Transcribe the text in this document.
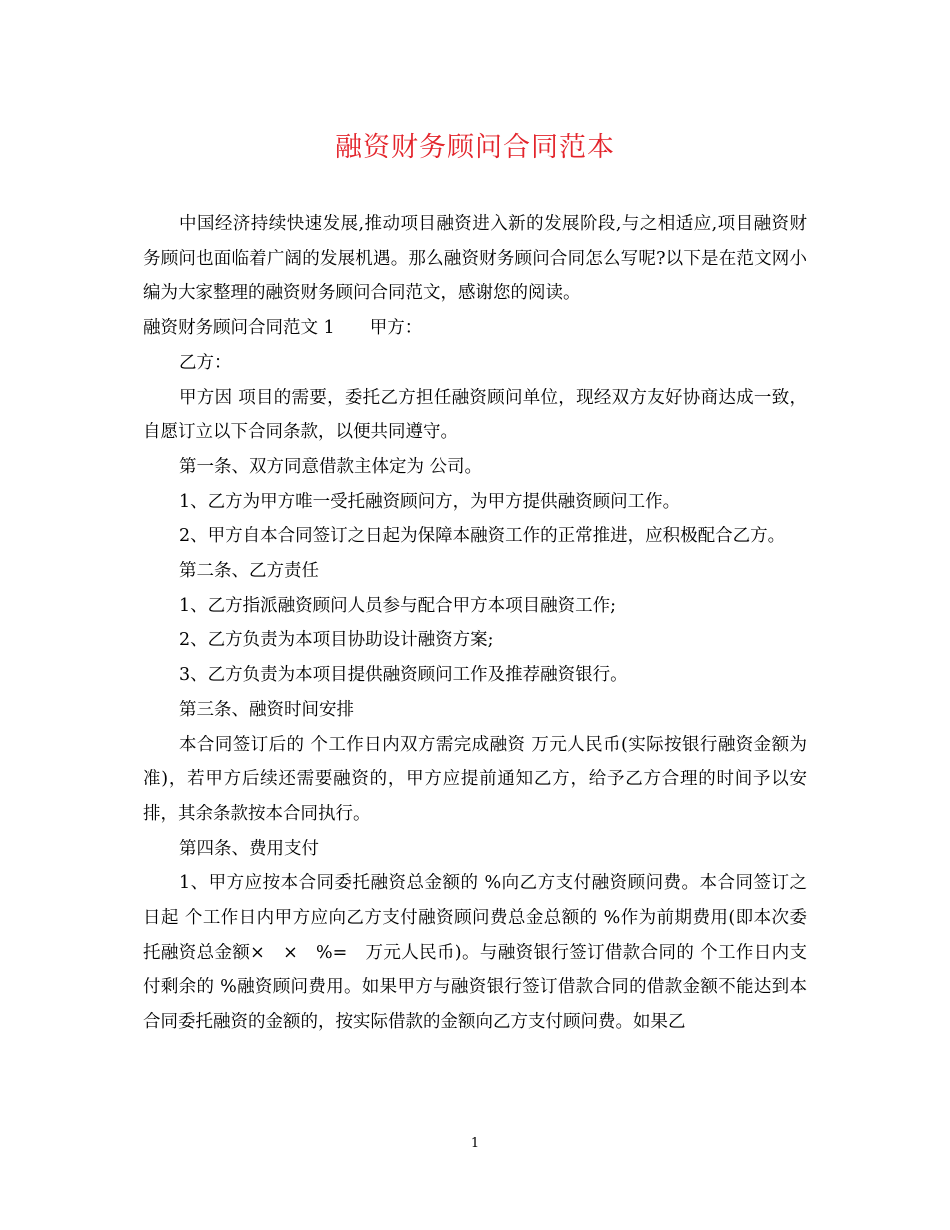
融资财务顾问合同范本

中国经济持续快速发展,推动项目融资进入新的发展阶段,与之相适应,项目融资财务顾问也面临着广阔的发展机遇。那么融资财务顾问合同怎么写呢?以下是在范文网小编为大家整理的融资财务顾问合同范文，感谢您的阅读。

融资财务顾问合同范文 1　　甲方：

乙方：

甲方因 项目的需要，委托乙方担任融资顾问单位，现经双方友好协商达成一致，自愿订立以下合同条款，以便共同遵守。

第一条、双方同意借款主体定为 公司。

1、乙方为甲方唯一受托融资顾问方，为甲方提供融资顾问工作。

2、甲方自本合同签订之日起为保障本融资工作的正常推进，应积极配合乙方。

第二条、乙方责任

1、乙方指派融资顾问人员参与配合甲方本项目融资工作;

2、乙方负责为本项目协助设计融资方案;

3、乙方负责为本项目提供融资顾问工作及推荐融资银行。

第三条、融资时间安排

本合同签订后的 个工作日内双方需完成融资 万元人民币(实际按银行融资金额为准)，若甲方后续还需要融资的，甲方应提前通知乙方，给予乙方合理的时间予以安排，其余条款按本合同执行。

第四条、费用支付

1、甲方应按本合同委托融资总金额的 %向乙方支付融资顾问费。本合同签订之日起 个工作日内甲方应向乙方支付融资顾问费总金总额的 %作为前期费用(即本次委托融资总金额×　×　%=　万元人民币)。与融资银行签订借款合同的 个工作日内支付剩余的 %融资顾问费用。如果甲方与融资银行签订借款合同的借款金额不能达到本合同委托融资的金额的，按实际借款的金额向乙方支付顾问费。如果乙

1
